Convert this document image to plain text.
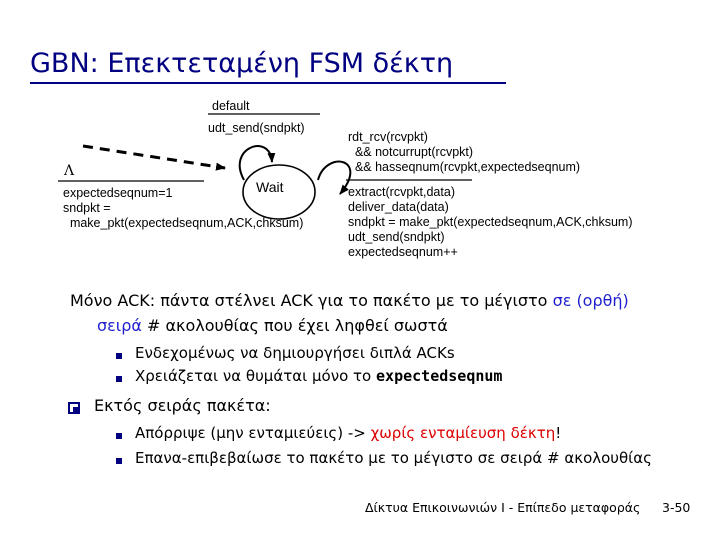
GBN: Επεκτεταμένη FSM δέκτη
default
udt_send(sndpkt)
Λ
expectedseqnum=1
sndpkt =
make_pkt(expectedseqnum,ACK,chksum)
Wait
rdt_rcv(rcvpkt)
&& notcurrupt(rcvpkt)
&& hasseqnum(rcvpkt,expectedseqnum)
extract(rcvpkt,data)
deliver_data(data)
sndpkt = make_pkt(expectedseqnum,ACK,chksum)
udt_send(sndpkt)
expectedseqnum++
Μόνο ACK: πάντα στέλνει ACK για το πακέτο με το μέγιστο σε (ορθή)
σειρά # ακολουθίας που έχει ληφθεί σωστά
Ενδεχομένως να δημιουργήσει διπλά ACKs
Χρειάζεται να θυμάται μόνο το expectedseqnum
Εκτός σειράς πακέτα:
Απόρριψε (μην ενταμιεύεις) -> χωρίς ενταμίευση δέκτη!
Επανα-επιβεβαίωσε το πακέτο με το μέγιστο σε σειρά # ακολουθίας
Δίκτυα Επικοινωνιών Ι - Επίπεδο μεταφοράς 3-50
